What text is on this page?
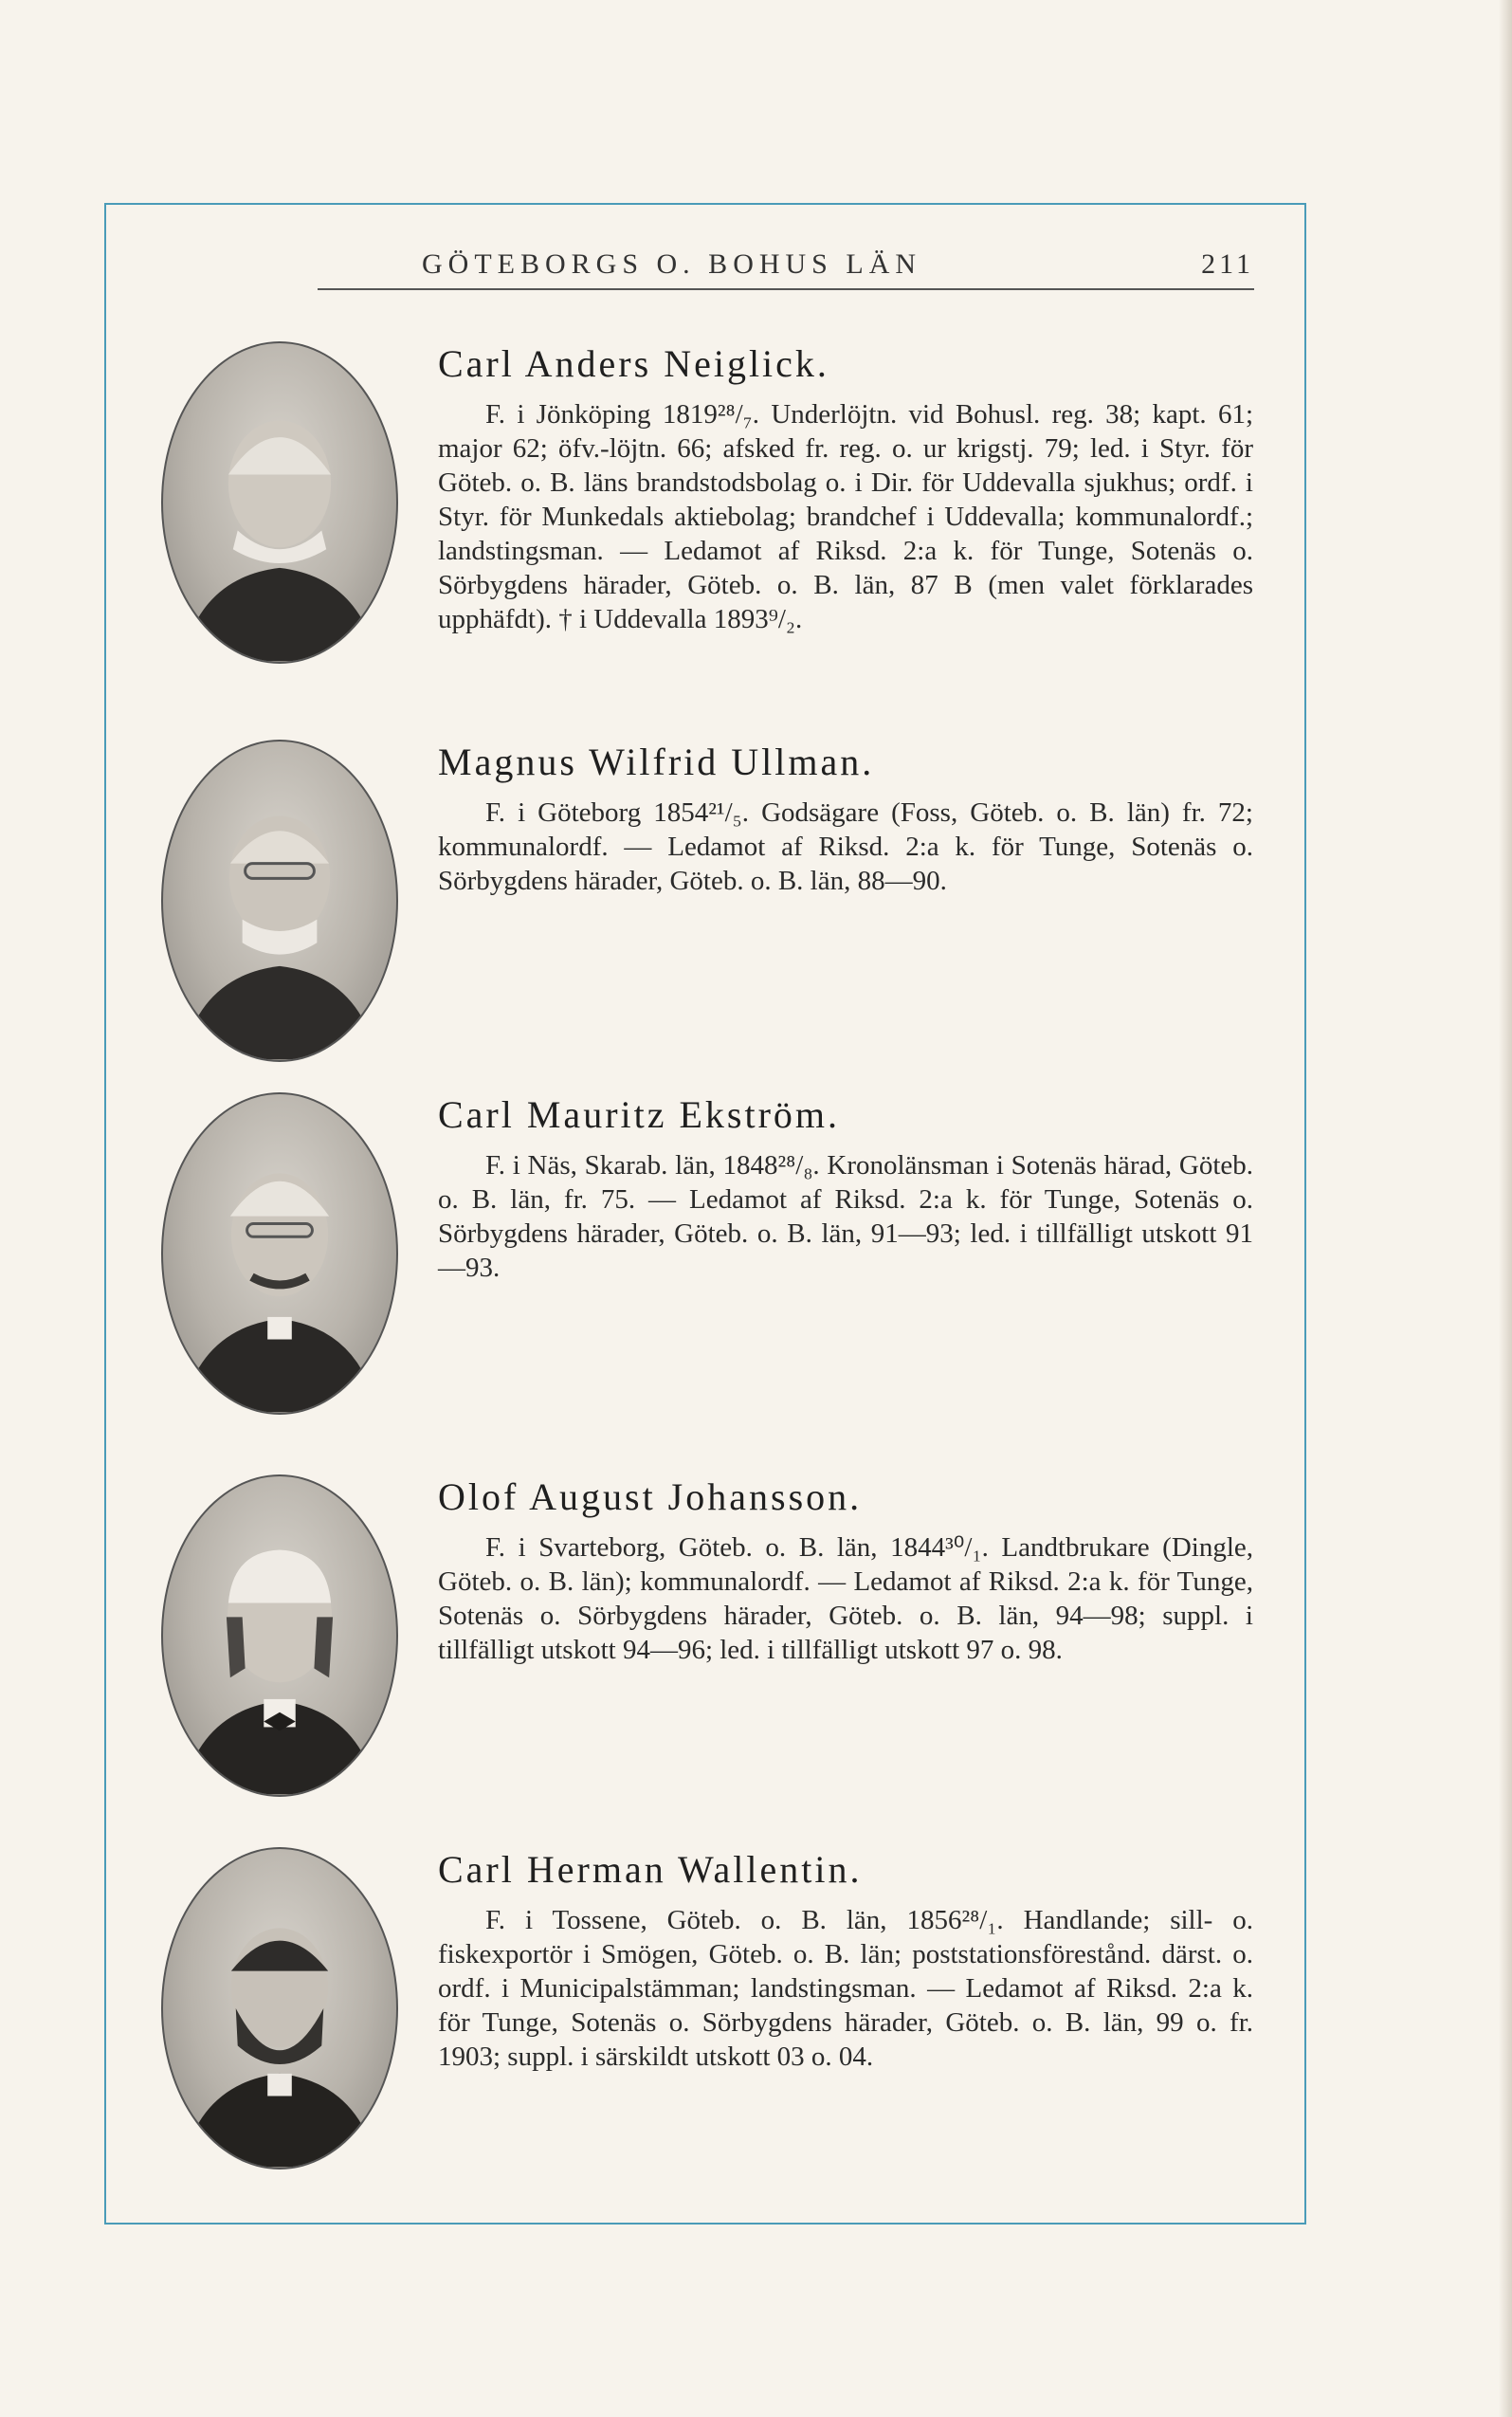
GÖTEBORGS O. BOHUS LÄN	211
Carl Anders Neiglick.

F. i Jönköping 1819²⁸/₇. Underlöjtn. vid Bohusl. reg. 38; kapt. 61; major 62; öfv.-löjtn. 66; afsked fr. reg. o. ur krigstj. 79; led. i Styr. för Göteb. o. B. läns brandstodsbolag o. i Dir. för Uddevalla sjukhus; ordf. i Styr. för Munkedals aktiebolag; brandchef i Uddevalla; kommunalordf.; landstingsman. — Ledamot af Riksd. 2:a k. för Tunge, Sotenäs o. Sörbygdens härader, Göteb. o. B. län, 87 B (men valet förklarades upphäfdt). † i Uddevalla 1893⁹/₂.

Magnus Wilfrid Ullman.

F. i Göteborg 1854²¹/₅. Godsägare (Foss, Göteb. o. B. län) fr. 72; kommunalordf. — Ledamot af Riksd. 2:a k. för Tunge, Sotenäs o. Sörbygdens härader, Göteb. o. B. län, 88—90.

Carl Mauritz Ekström.

F. i Näs, Skarab. län, 1848²⁸/₈. Kronolänsman i Sotenäs härad, Göteb. o. B. län, fr. 75. — Ledamot af Riksd. 2:a k. för Tunge, Sotenäs o. Sörbygdens härader, Göteb. o. B. län, 91—93; led. i tillfälligt utskott 91—93.

Olof August Johansson.

F. i Svarteborg, Göteb. o. B. län, 1844³⁰/₁. Landtbrukare (Dingle, Göteb. o. B. län); kommunalordf. — Ledamot af Riksd. 2:a k. för Tunge, Sotenäs o. Sörbygdens härader, Göteb. o. B. län, 94—98; suppl. i tillfälligt utskott 94—96; led. i tillfälligt utskott 97 o. 98.

Carl Herman Wallentin.

F. i Tossene, Göteb. o. B. län, 1856²⁸/₁. Handlande; sill- o. fiskexportör i Smögen, Göteb. o. B. län; poststationsförestånd. därst. o. ordf. i Municipalstämman; landstingsman. — Ledamot af Riksd. 2:a k. för Tunge, Sotenäs o. Sörbygdens härader, Göteb. o. B. län, 99 o. fr. 1903; suppl. i särskildt utskott 03 o. 04.
